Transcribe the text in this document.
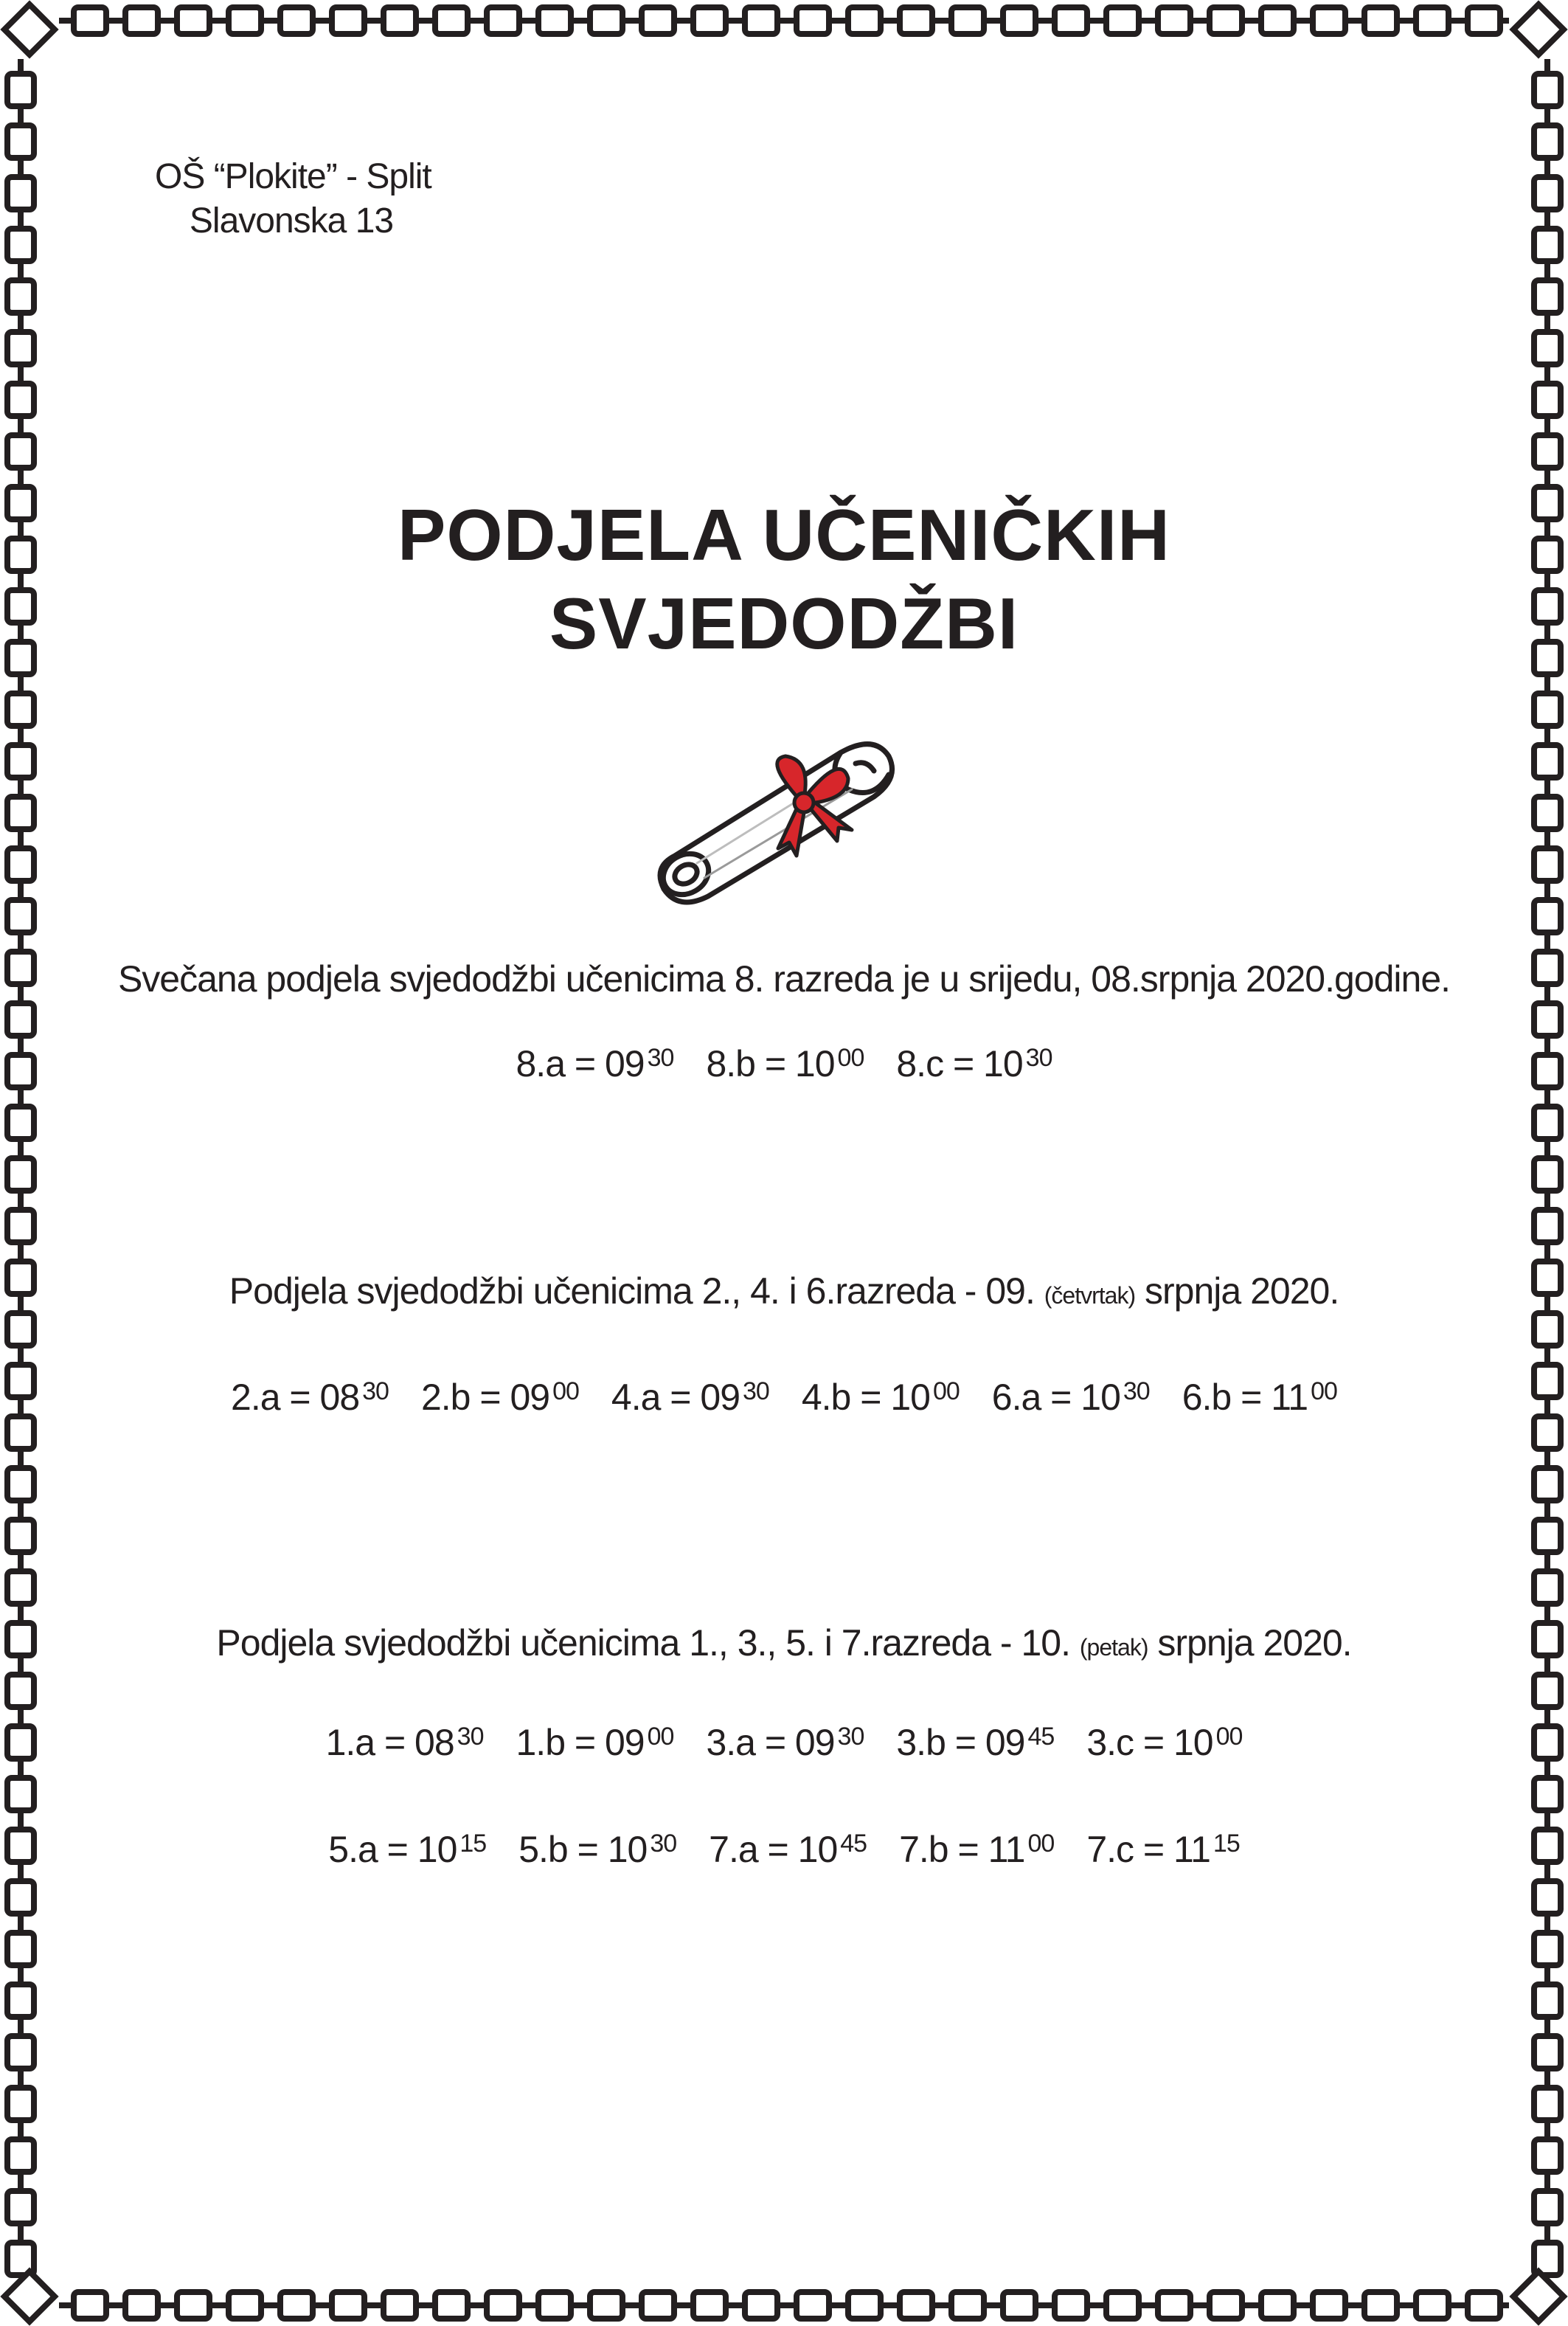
OŠ “Plokite” - Split
Slavonska 13
PODJELA UČENIČKIH
SVJEDODŽBI
Svečana podjela svjedodžbi učenicima 8. razreda je u srijedu, 08.srpnja 2020.godine.
8.a = 09 $^{30}$ 8.b = 10 $^{00}$ 8.c = 10 $^{30}$
Podjela svjedodžbi učenicima 2., 4. i 6.razreda - 09. (četvrtak) srpnja 2020.
2.a = 08 $^{30}$ 2.b = 09 $^{00}$ 4.a = 09 $^{30}$ 4.b = 10 $^{00}$ 6.a = 10 $^{30}$ 6.b = 11 $^{00}$
Podjela svjedodžbi učenicima 1., 3., 5. i 7.razreda - 10. (petak) srpnja 2020.
1.a = 08 $^{30}$ 1.b = 09 $^{00}$ 3.a = 09 $^{30}$ 3.b = 09 $^{45}$ 3.c = 10 $^{00}$
5.a = 10 $^{15}$ 5.b = 10 $^{30}$ 7.a = 10 $^{45}$ 7.b = 11 $^{00}$ 7.c = 11 $^{15}$
